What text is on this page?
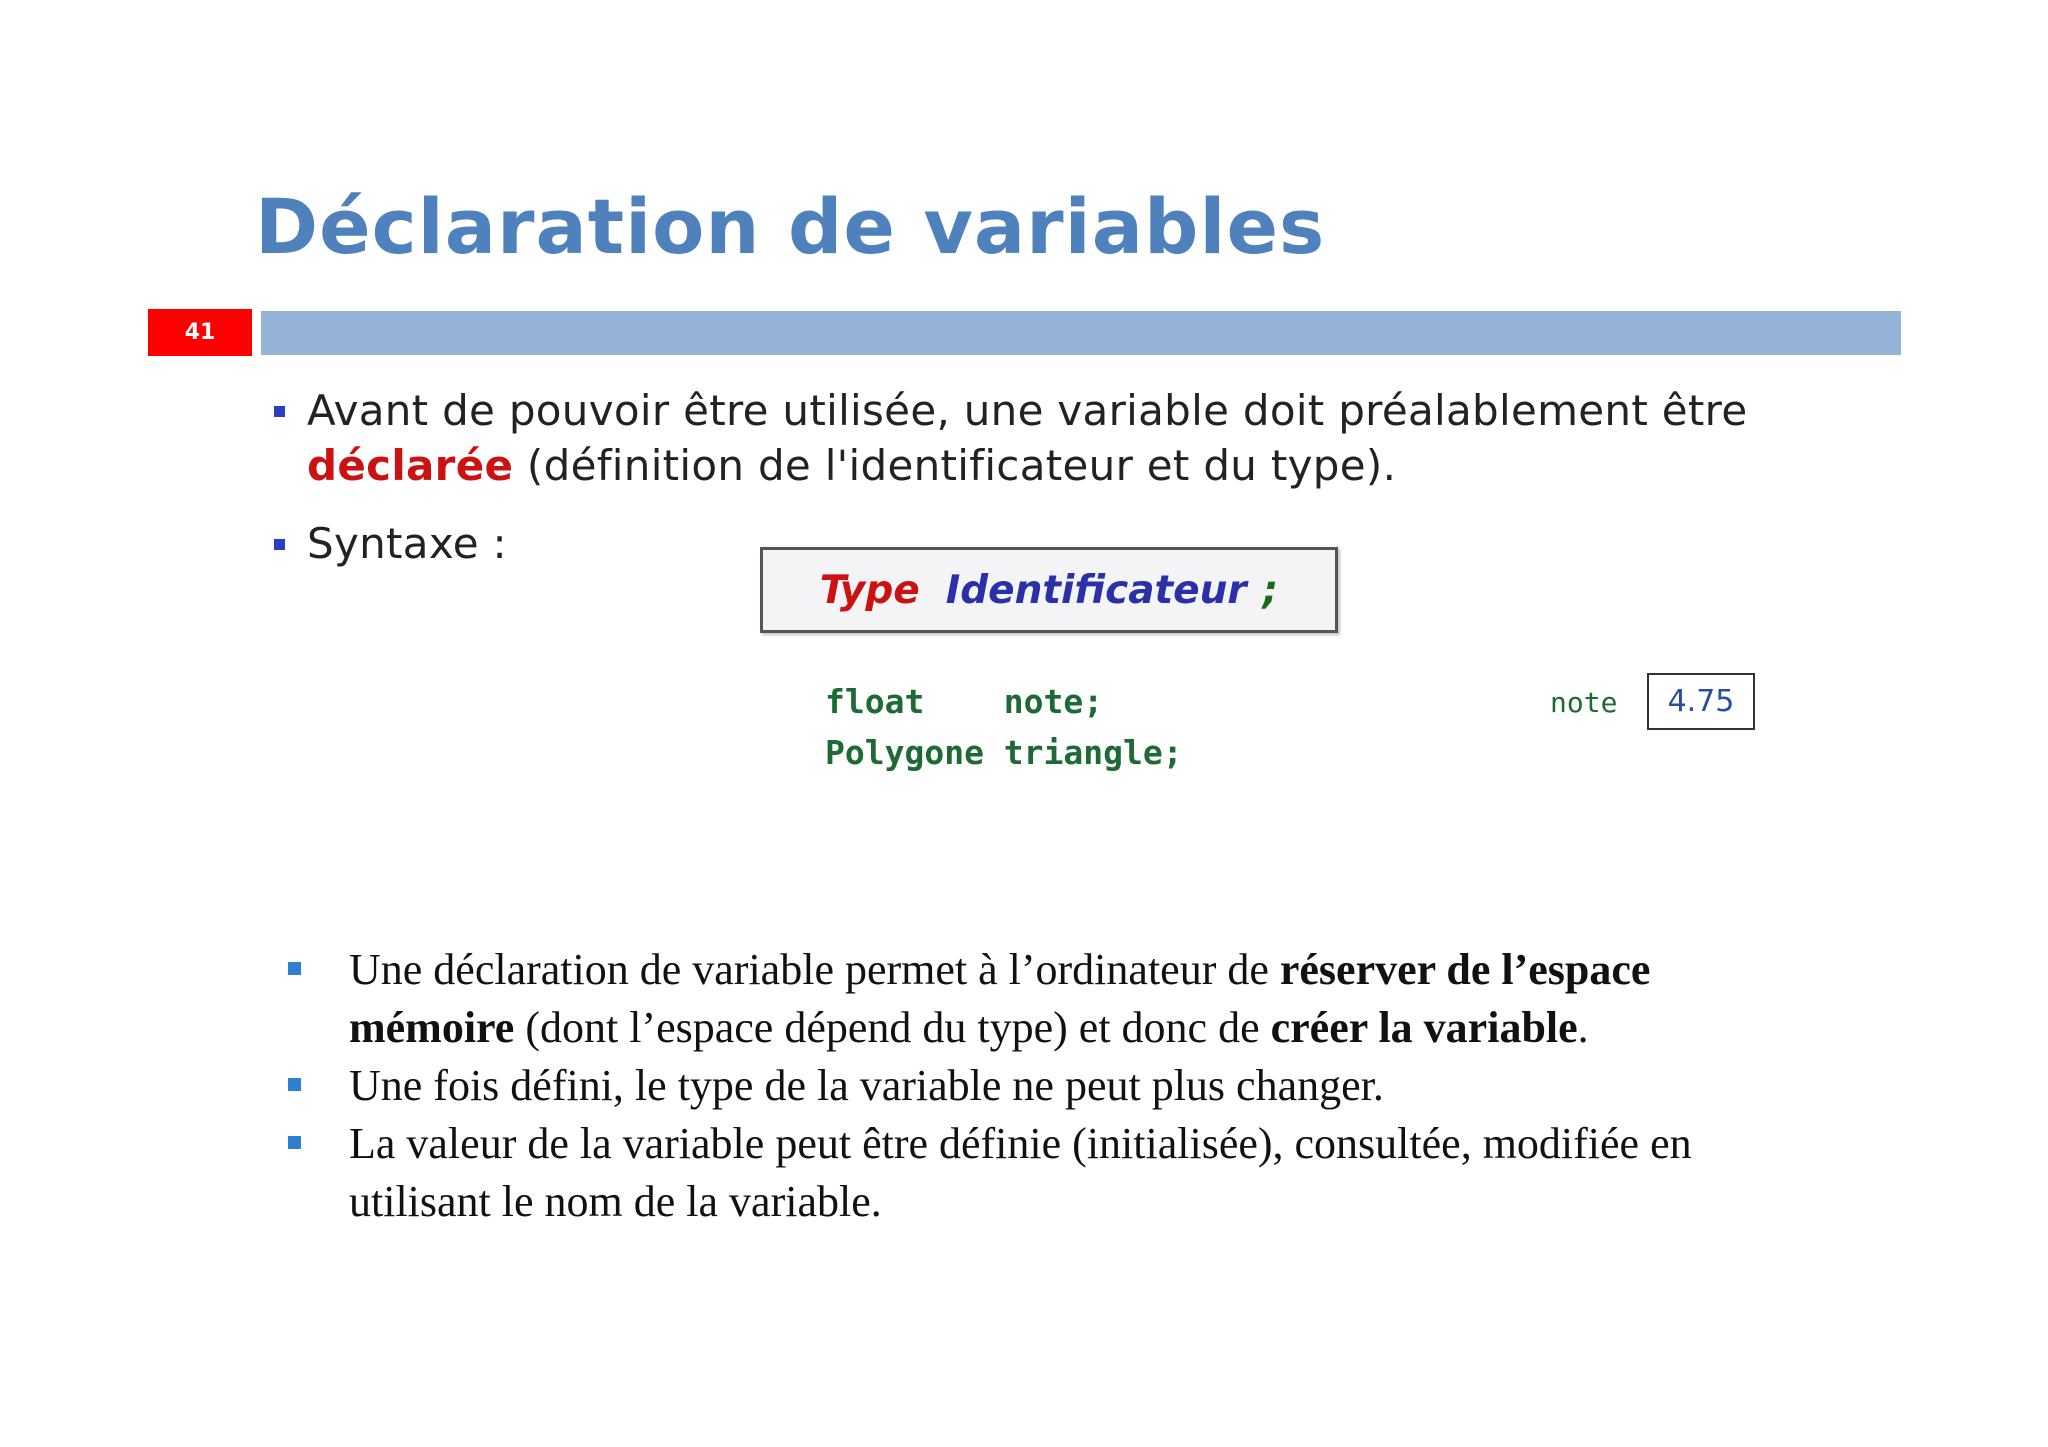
Déclaration de variables
41
Avant de pouvoir être utilisée, une variable doit préalablement être
déclarée (définition de l'identificateur et du type).
Syntaxe :
Type Identificateur ;
float    note;
Polygone triangle;
note 4.75
Une déclaration de variable permet à l’ordinateur de réserver de l’espace
mémoire (dont l’espace dépend du type) et donc de créer la variable.
Une fois défini, le type de la variable ne peut plus changer.
La valeur de la variable peut être définie (initialisée), consultée, modifiée en
utilisant le nom de la variable.
